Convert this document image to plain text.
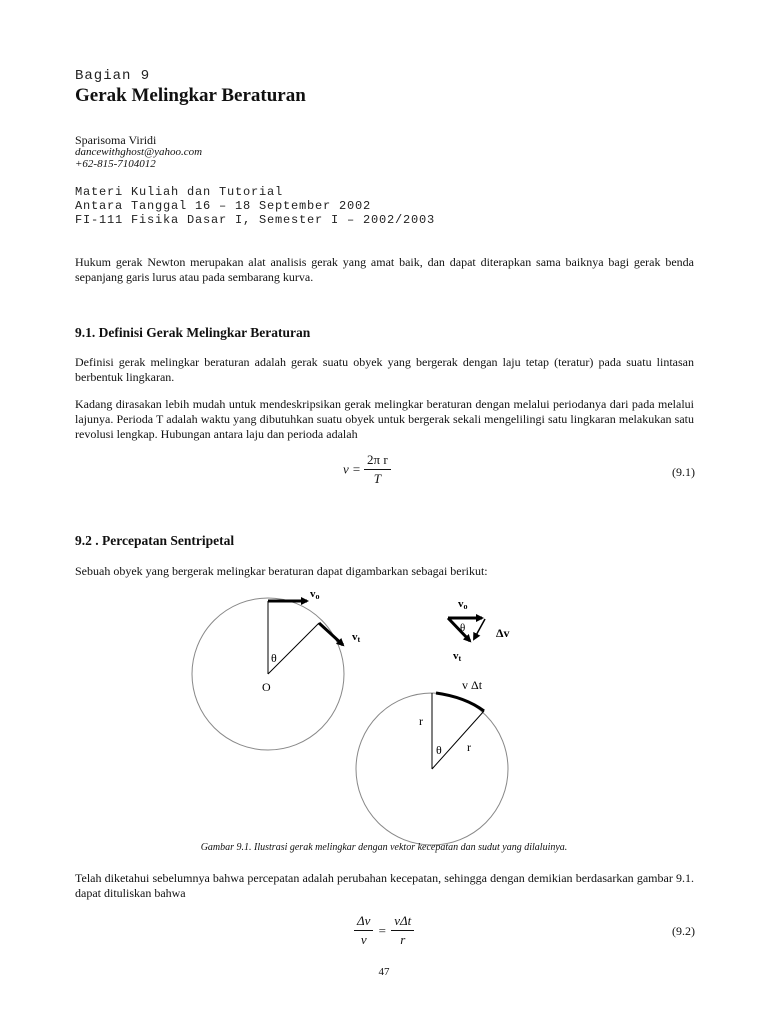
Bagian 9
Gerak Melingkar Beraturan
Sparisoma Viridi
dancewithghost@yahoo.com
+62-815-7104012
Materi Kuliah dan Tutorial
Antara Tanggal 16 – 18 September 2002
FI-111 Fisika Dasar I, Semester I – 2002/2003
Hukum gerak Newton merupakan alat analisis gerak yang amat baik, dan dapat diterapkan sama baiknya bagi gerak benda sepanjang garis lurus atau pada sembarang kurva.
9.1. Definisi Gerak Melingkar Beraturan
Definisi gerak melingkar beraturan adalah gerak suatu obyek yang bergerak dengan laju tetap (teratur) pada suatu lintasan berbentuk lingkaran.
Kadang dirasakan lebih mudah untuk mendeskripsikan gerak melingkar beraturan dengan melalui periodanya dari pada melalui lajunya. Perioda T adalah waktu yang dibutuhkan suatu obyek untuk bergerak sekali mengelilingi satu lingkaran melakukan satu revolusi lengkap. Hubungan antara laju dan perioda adalah
$v = \frac{\text{2π r}}{T}$	(9.1)
9.2 . Percepatan Sentripetal
Sebuah obyek yang bergerak melingkar beraturan dapat digambarkan sebagai berikut:
vo
vt
θ
O
vo
θ	Δv
vt
v Δt
r
r
θ
Gambar 9.1. Ilustrasi gerak melingkar dengan vektor kecepatan dan sudut yang dilaluinya.
Telah diketahui sebelumnya bahwa percepatan adalah perubahan kecepatan, sehingga dengan demikian berdasarkan gambar 9.1. dapat dituliskan bahwa
$\frac{\Delta v}{v} = \frac{\text{vΔt}}{r}$	(9.2)
47
